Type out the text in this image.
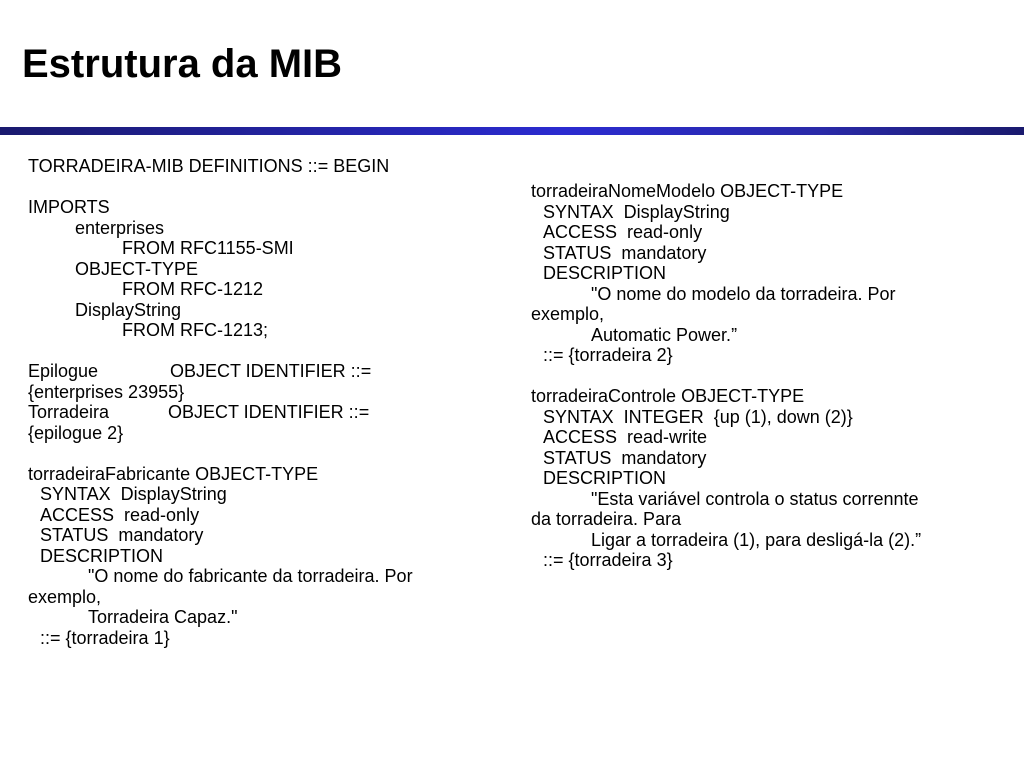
Estrutura da MIB
TORRADEIRA-MIB DEFINITIONS ::= BEGIN
IMPORTS
enterprises
FROM RFC1155-SMI
OBJECT-TYPE
FROM RFC-1212
DisplayString
FROM RFC-1213;
Epilogue	OBJECT IDENTIFIER ::=
{enterprises 23955}
Torradeira	OBJECT IDENTIFIER ::=
{epilogue 2}
torradeiraFabricante OBJECT-TYPE
SYNTAX  DisplayString
ACCESS  read-only
STATUS  mandatory
DESCRIPTION
"O nome do fabricante da torradeira. Por
exemplo,
Torradeira Capaz."
::= {torradeira 1}
torradeiraNomeModelo OBJECT-TYPE
SYNTAX  DisplayString
ACCESS  read-only
STATUS  mandatory
DESCRIPTION
"O nome do modelo da torradeira. Por
exemplo,
Automatic Power.”
::= {torradeira 2}
torradeiraControle OBJECT-TYPE
SYNTAX  INTEGER  {up (1), down (2)}
ACCESS  read-write
STATUS  mandatory
DESCRIPTION
"Esta variável controla o status corrennte
da torradeira. Para
Ligar a torradeira (1), para desligá-la (2).”
::= {torradeira 3}
